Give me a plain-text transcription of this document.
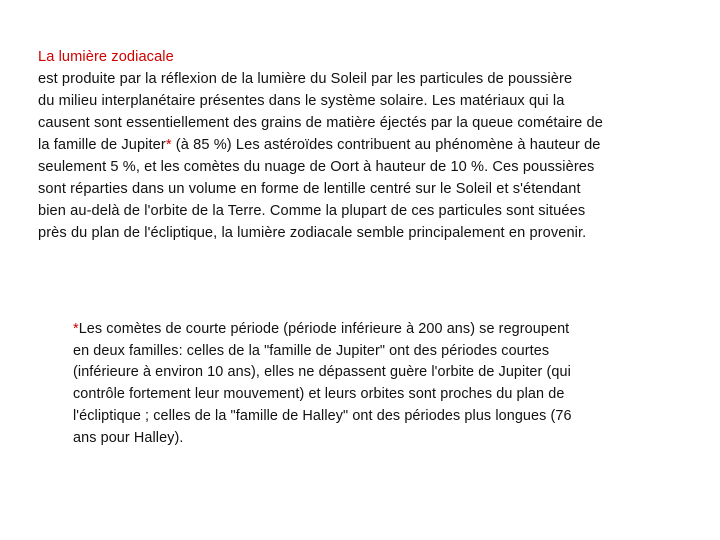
La lumière zodiacale
est produite par la réflexion de la lumière du Soleil par les particules de poussière
du milieu interplanétaire présentes dans le système solaire. Les matériaux qui la
causent sont essentiellement des grains de matière éjectés par la queue cométaire de
la famille de Jupiter* (à 85 %) Les astéroïdes contribuent au phénomène à hauteur de
seulement 5 %, et les comètes du nuage de Oort à hauteur de 10 %. Ces poussières
sont réparties dans un volume en forme de lentille centré sur le Soleil et s'étendant
bien au-delà de l'orbite de la Terre. Comme la plupart de ces particules sont situées
près du plan de l'écliptique, la lumière zodiacale semble principalement en provenir.
*Les comètes de courte période (période inférieure à 200 ans) se regroupent
en deux familles: celles de la "famille de Jupiter" ont des périodes courtes
(inférieure à environ 10 ans), elles ne dépassent guère l'orbite de Jupiter (qui
contrôle fortement leur mouvement) et leurs orbites sont proches du plan de
l'écliptique ; celles de la "famille de Halley" ont des périodes plus longues (76
ans pour Halley).
